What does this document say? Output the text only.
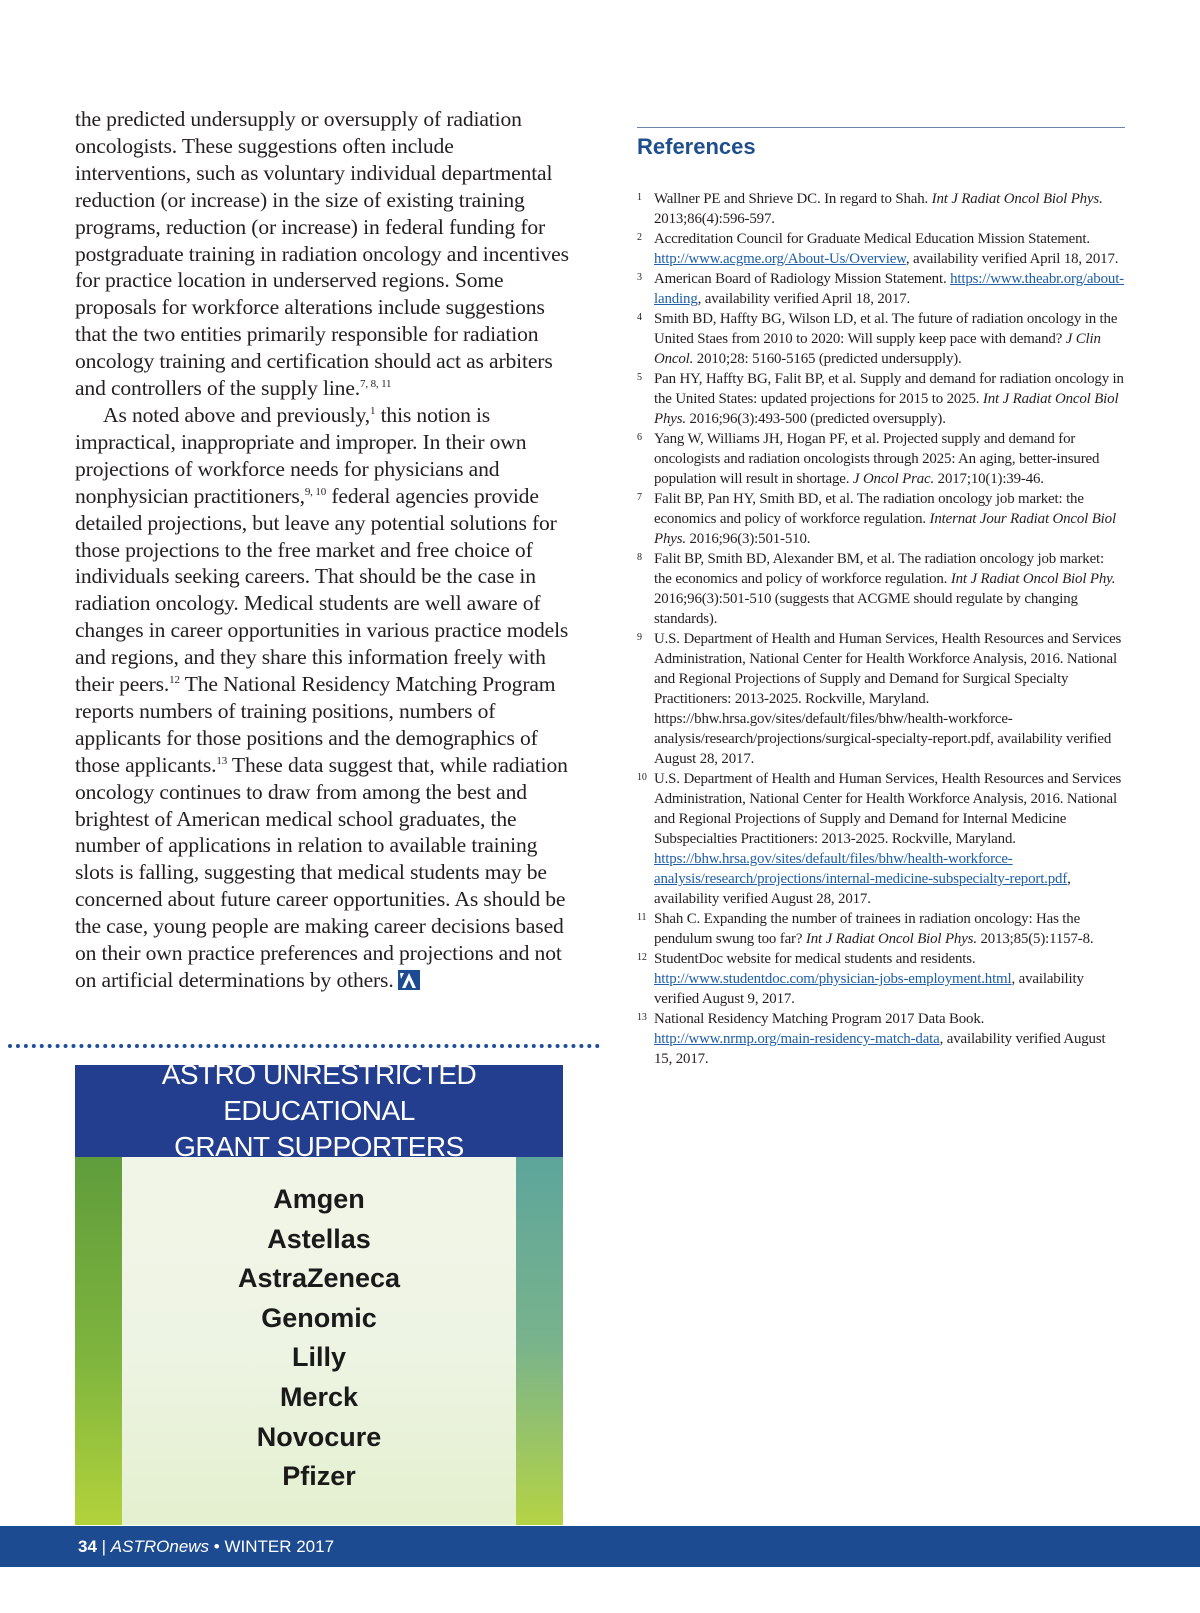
the predicted undersupply or oversupply of radiation oncologists. These suggestions often include interventions, such as voluntary individual departmental reduction (or increase) in the size of existing training programs, reduction (or increase) in federal funding for postgraduate training in radiation oncology and incentives for practice location in underserved regions. Some proposals for workforce alterations include suggestions that the two entities primarily responsible for radiation oncology training and certification should act as arbiters and controllers of the supply line.$^{7, 8, 11}$

As noted above and previously,$^1$ this notion is impractical, inappropriate and improper. In their own projections of workforce needs for physicians and nonphysician practitioners,$^{9, 10}$ federal agencies provide detailed projections, but leave any potential solutions for those projections to the free market and free choice of individuals seeking careers. That should be the case in radiation oncology. Medical students are well aware of changes in career opportunities in various practice models and regions, and they share this information freely with their peers.$^{12}$ The National Residency Matching Program reports numbers of training positions, numbers of applicants for those positions and the demographics of those applicants.$^{13}$ These data suggest that, while radiation oncology continues to draw from among the best and brightest of American medical school graduates, the number of applications in relation to available training slots is falling, suggesting that medical students may be concerned about future career opportunities. As should be the case, young people are making career decisions based on their own practice preferences and projections and not on artificial determinations by others.

ASTRO UNRESTRICTED EDUCATIONAL
GRANT SUPPORTERS
Amgen
Astellas
AstraZeneca
Genomic
Lilly
Merck
Novocure
Pfizer
References
1 Wallner PE and Shrieve DC. In regard to Shah. Int J Radiat Oncol Biol Phys. 2013;86(4):596-597.
2 Accreditation Council for Graduate Medical Education Mission Statement. http://www.acgme.org/About-Us/Overview, availability verified April 18, 2017.
3 American Board of Radiology Mission Statement. https://www.theabr.org/about-landing, availability verified April 18, 2017.
4 Smith BD, Haffty BG, Wilson LD, et al. The future of radiation oncology in the United Staes from 2010 to 2020: Will supply keep pace with demand? J Clin Oncol. 2010;28: 5160-5165 (predicted undersupply).
5 Pan HY, Haffty BG, Falit BP, et al. Supply and demand for radiation oncology in the United States: updated projections for 2015 to 2025. Int J Radiat Oncol Biol Phys. 2016;96(3):493-500 (predicted oversupply).
6 Yang W, Williams JH, Hogan PF, et al. Projected supply and demand for oncologists and radiation oncologists through 2025: An aging, better-insured population will result in shortage. J Oncol Prac. 2017;10(1):39-46.
7 Falit BP, Pan HY, Smith BD, et al. The radiation oncology job market: the economics and policy of workforce regulation. Internat Jour Radiat Oncol Biol Phys. 2016;96(3):501-510.
8 Falit BP, Smith BD, Alexander BM, et al. The radiation oncology job market: the economics and policy of workforce regulation. Int J Radiat Oncol Biol Phy. 2016;96(3):501-510 (suggests that ACGME should regulate by changing standards).
9 U.S. Department of Health and Human Services, Health Resources and Services Administration, National Center for Health Workforce Analysis, 2016. National and Regional Projections of Supply and Demand for Surgical Specialty Practitioners: 2013-2025. Rockville, Maryland. https://bhw.hrsa.gov/sites/default/files/bhw/health-workforce-analysis/research/projections/surgical-specialty-report.pdf, availability verified August 28, 2017.
10 U.S. Department of Health and Human Services, Health Resources and Services Administration, National Center for Health Workforce Analysis, 2016. National and Regional Projections of Supply and Demand for Internal Medicine Subspecialties Practitioners: 2013-2025. Rockville, Maryland. https://bhw.hrsa.gov/sites/default/files/bhw/health-workforce-analysis/research/projections/internal-medicine-subspecialty-report.pdf, availability verified August 28, 2017.
11 Shah C. Expanding the number of trainees in radiation oncology: Has the pendulum swung too far? Int J Radiat Oncol Biol Phys. 2013;85(5):1157-8.
12 StudentDoc website for medical students and residents. http://www.studentdoc.com/physician-jobs-employment.html, availability verified August 9, 2017.
13 National Residency Matching Program 2017 Data Book. http://www.nrmp.org/main-residency-match-data, availability verified August 15, 2017.
34 | ASTROnews • WINTER 2017
